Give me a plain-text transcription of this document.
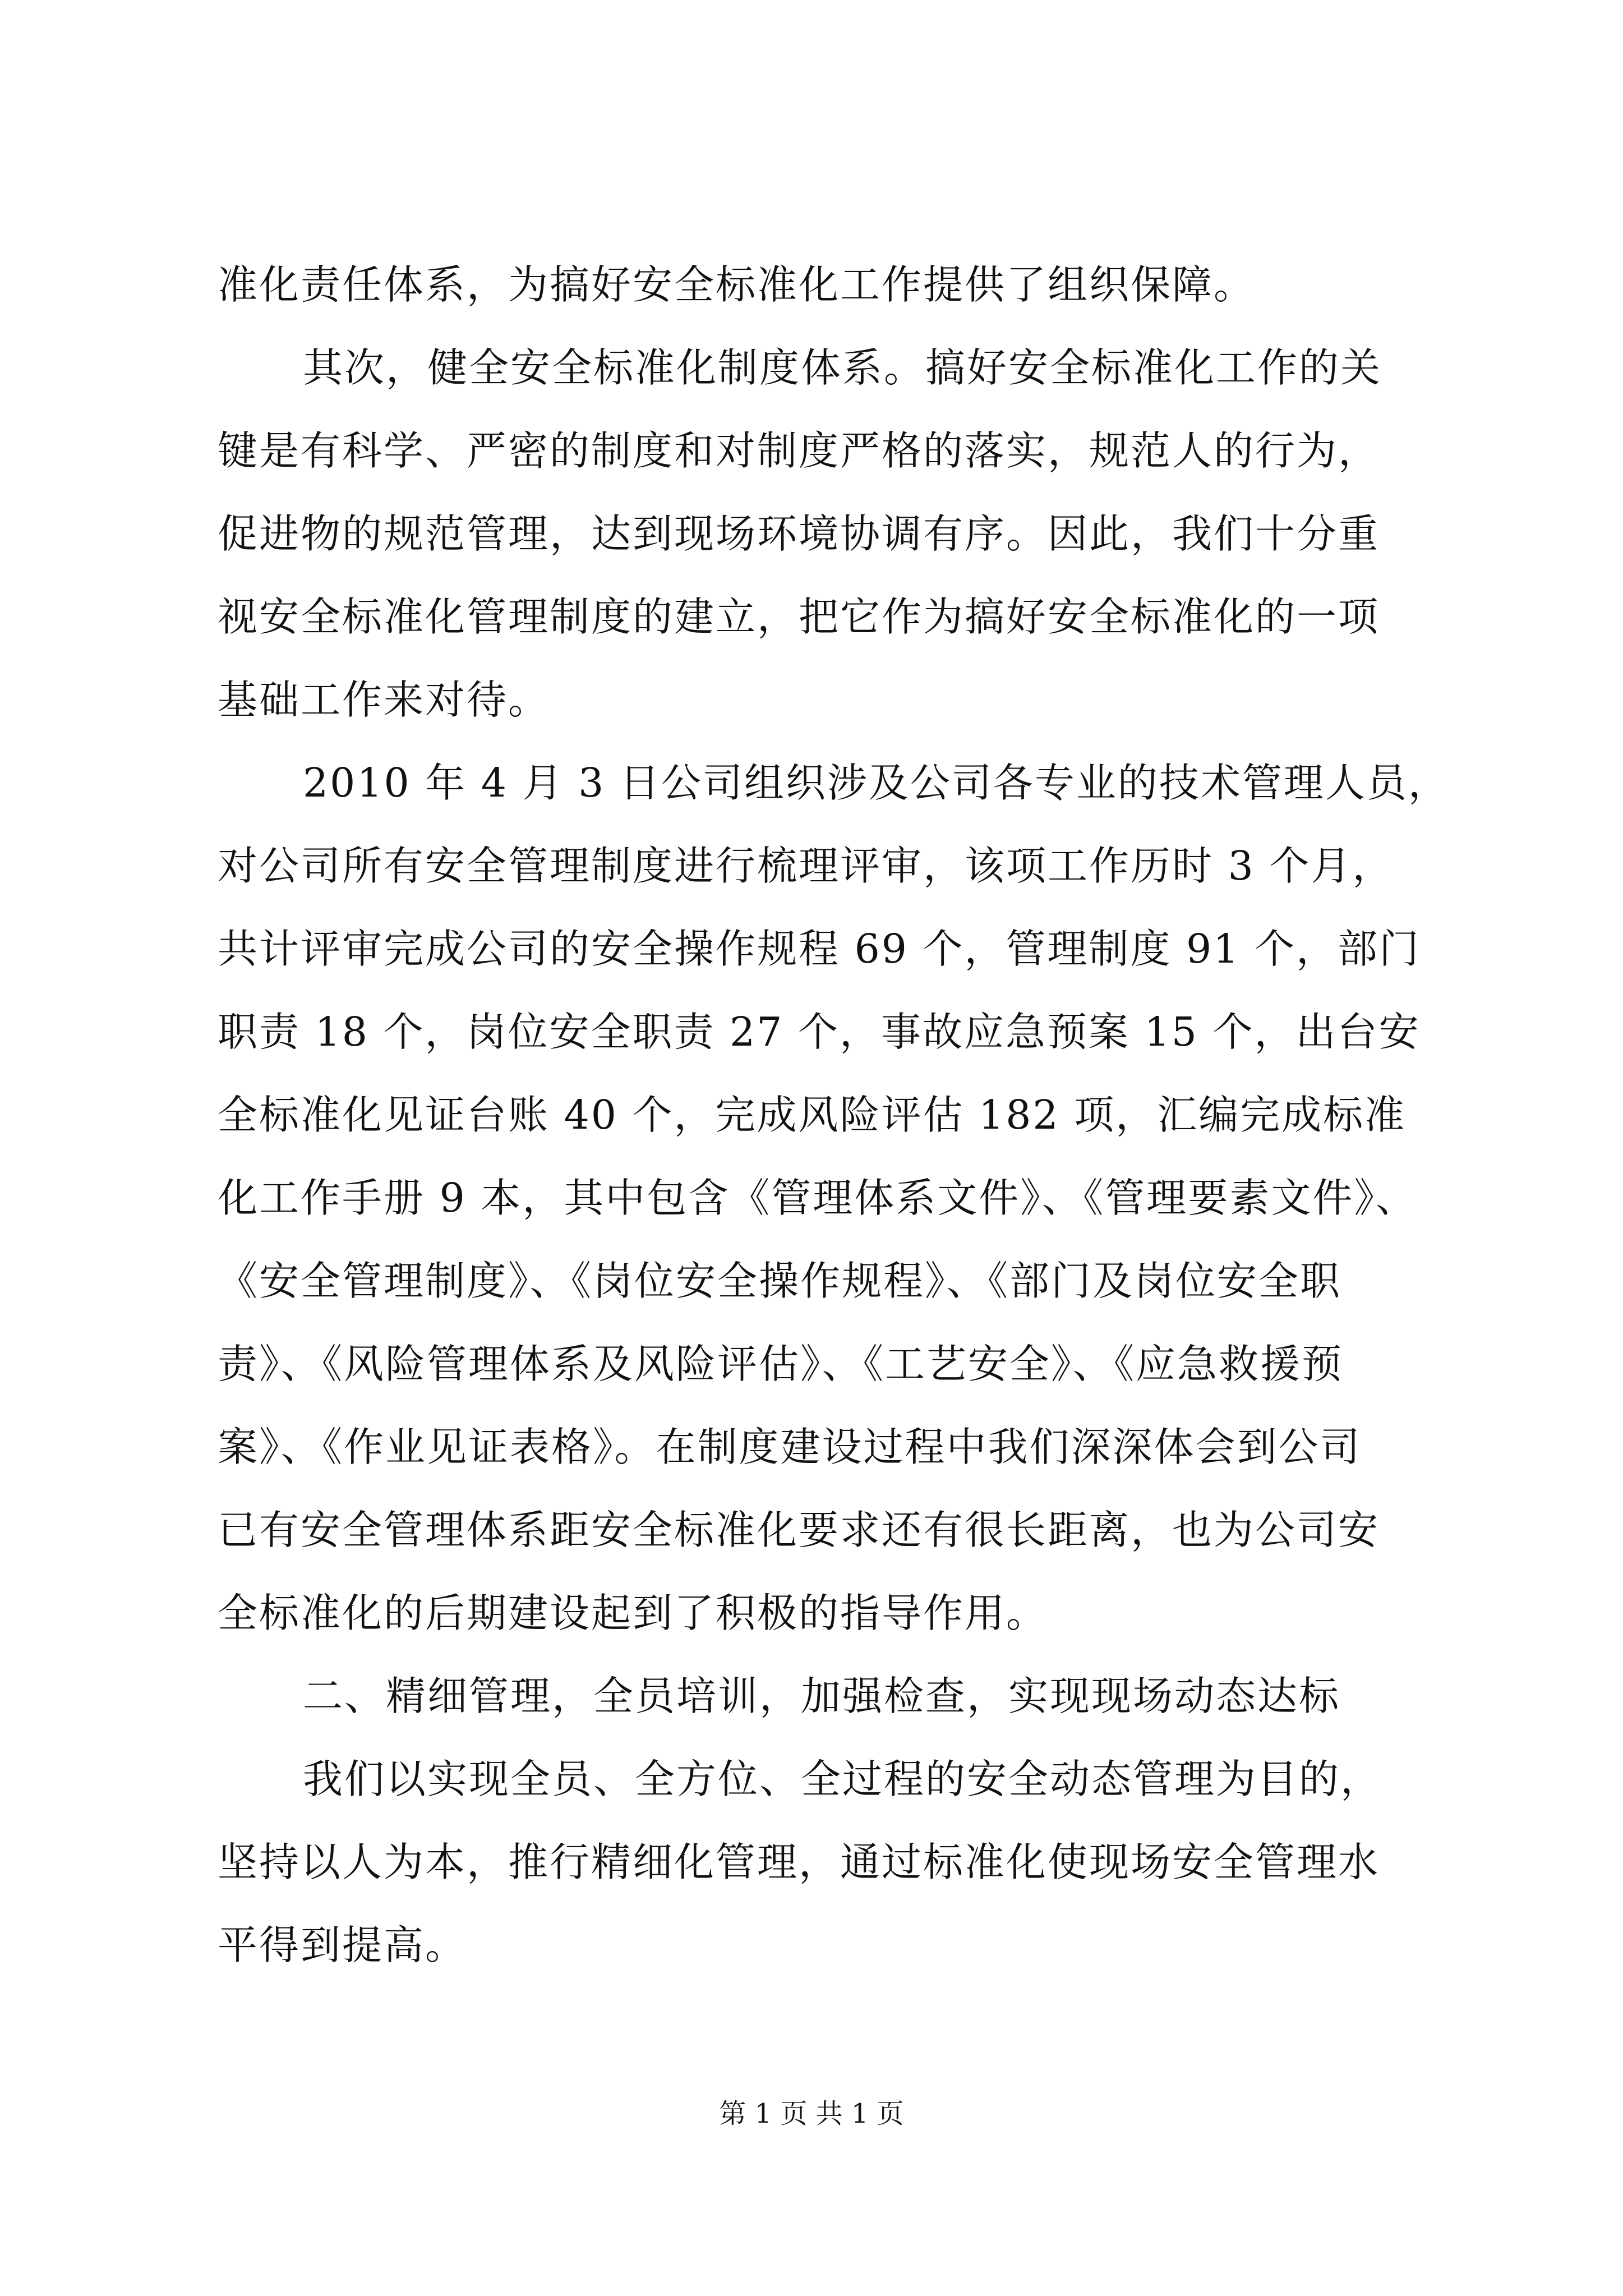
准化责任体系，为搞好安全标准化工作提供了组织保障。
其次，健全安全标准化制度体系。搞好安全标准化工作的关
键是有科学、严密的制度和对制度严格的落实，规范人的行为，
促进物的规范管理，达到现场环境协调有序。因此，我们十分重
视安全标准化管理制度的建立，把它作为搞好安全标准化的一项
基础工作来对待。
2010 年 4 月 3 日公司组织涉及公司各专业的技术管理人员，
对公司所有安全管理制度进行梳理评审，该项工作历时 3 个月，
共计评审完成公司的安全操作规程 69 个，管理制度 91 个，部门
职责 18 个，岗位安全职责 27 个，事故应急预案 15 个，出台安
全标准化见证台账 40 个，完成风险评估 182 项，汇编完成标准
化工作手册 9 本，其中包含《管理体系文件》、《管理要素文件》、
《安全管理制度》、《岗位安全操作规程》、《部门及岗位安全职
责》、《风险管理体系及风险评估》、《工艺安全》、《应急救援预
案》、《作业见证表格》。在制度建设过程中我们深深体会到公司
已有安全管理体系距安全标准化要求还有很长距离，也为公司安
全标准化的后期建设起到了积极的指导作用。
二、精细管理，全员培训，加强检查，实现现场动态达标
我们以实现全员、全方位、全过程的安全动态管理为目的，
坚持以人为本，推行精细化管理，通过标准化使现场安全管理水
平得到提高。
第 1 页 共 1 页
